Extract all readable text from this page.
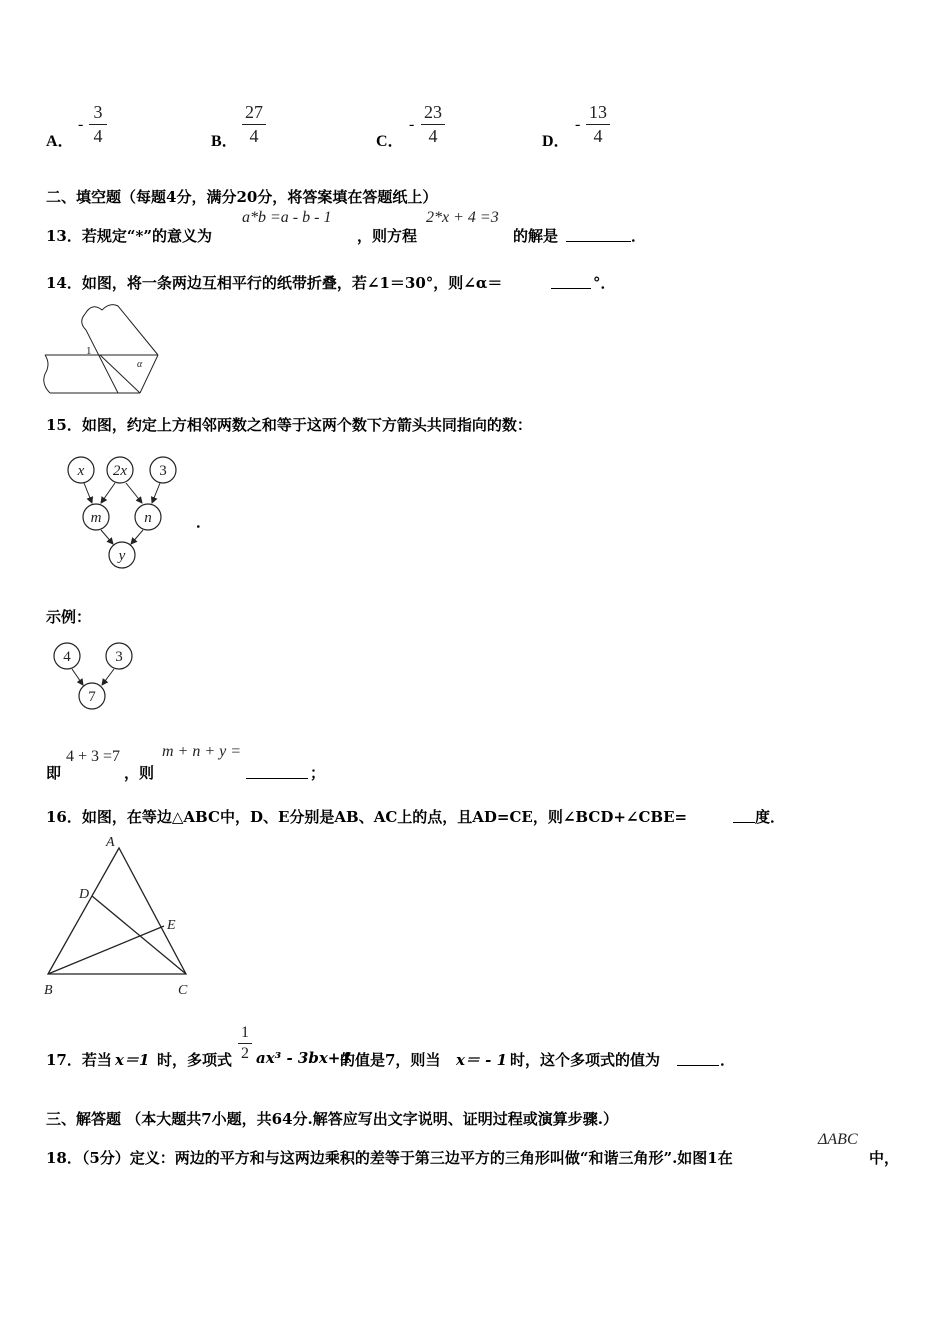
A．
-
3
4	B．
27
4	C．
-
23
4	D．
-
13
4
二、填空题（每题4分，满分20分，将答案填在答题纸上）
13．若规定“*”的意义为
a*b =a - b - 1
，则方程
2*x + 4 =3
的解是	．
14．如图，将一条两边互相平行的纸带折叠，若∠1＝30°，则∠α＝	°．
1
α
15．如图，约定上方相邻两数之和等于这两个数下方箭头共同指向的数：
x 2x 3
m	n
y
．
示例：
4	3
7
即
4 + 3 =7
，则
m + n + y =
；
16．如图，在等边△ABC中，D、E分别是AB、AC上的点，且AD=CE，则∠BCD+∠CBE=	度．
A
B	C
D
E
17．若当 x＝1 时，多项式
1
2 ax³ - 3bx+4
的值是7，则当 x＝ - 1 时，这个多项式的值为	．
三、解答题 （本大题共7小题，共64分.解答应写出文字说明、证明过程或演算步骤.）
18．（5分）定义：两边的平方和与这两边乘积的差等于第三边平方的三角形叫做“和谐三角形”.如图1在
ΔABC
中，
